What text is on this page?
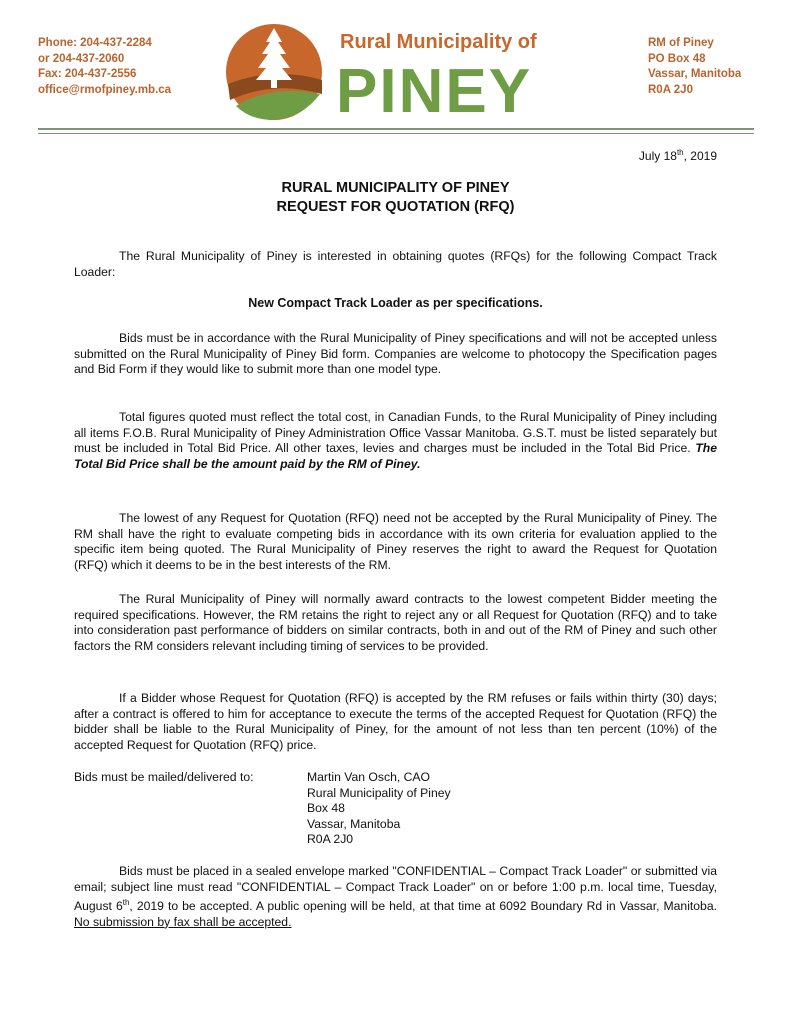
Phone: 204-437-2284
or 204-437-2060
Fax: 204-437-2556
office@rmofpiney.mb.ca
Rural Municipality of
PINEY
RM of Piney
PO Box 48
Vassar, Manitoba
R0A 2J0
July 18th, 2019
RURAL MUNICIPALITY OF PINEY
REQUEST FOR QUOTATION (RFQ)
The Rural Municipality of Piney is interested in obtaining quotes (RFQs) for the following Compact Track Loader:
New Compact Track Loader as per specifications.
Bids must be in accordance with the Rural Municipality of Piney specifications and will not be accepted unless submitted on the Rural Municipality of Piney Bid form. Companies are welcome to photocopy the Specification pages and Bid Form if they would like to submit more than one model type.
Total figures quoted must reflect the total cost, in Canadian Funds, to the Rural Municipality of Piney including all items F.O.B. Rural Municipality of Piney Administration Office Vassar Manitoba. G.S.T. must be listed separately but must be included in Total Bid Price. All other taxes, levies and charges must be included in the Total Bid Price. The Total Bid Price shall be the amount paid by the RM of Piney.
The lowest of any Request for Quotation (RFQ) need not be accepted by the Rural Municipality of Piney. The RM shall have the right to evaluate competing bids in accordance with its own criteria for evaluation applied to the specific item being quoted. The Rural Municipality of Piney reserves the right to award the Request for Quotation (RFQ) which it deems to be in the best interests of the RM.
The Rural Municipality of Piney will normally award contracts to the lowest competent Bidder meeting the required specifications. However, the RM retains the right to reject any or all Request for Quotation (RFQ) and to take into consideration past performance of bidders on similar contracts, both in and out of the RM of Piney and such other factors the RM considers relevant including timing of services to be provided.
If a Bidder whose Request for Quotation (RFQ) is accepted by the RM refuses or fails within thirty (30) days; after a contract is offered to him for acceptance to execute the terms of the accepted Request for Quotation (RFQ) the bidder shall be liable to the Rural Municipality of Piney, for the amount of not less than ten percent (10%) of the accepted Request for Quotation (RFQ) price.
Bids must be mailed/delivered to:	Martin Van Osch, CAO
Rural Municipality of Piney
Box 48
Vassar, Manitoba
R0A 2J0
Bids must be placed in a sealed envelope marked "CONFIDENTIAL – Compact Track Loader" or submitted via email; subject line must read "CONFIDENTIAL – Compact Track Loader" on or before 1:00 p.m. local time, Tuesday, August 6th, 2019 to be accepted. A public opening will be held, at that time at 6092 Boundary Rd in Vassar, Manitoba. No submission by fax shall be accepted.
